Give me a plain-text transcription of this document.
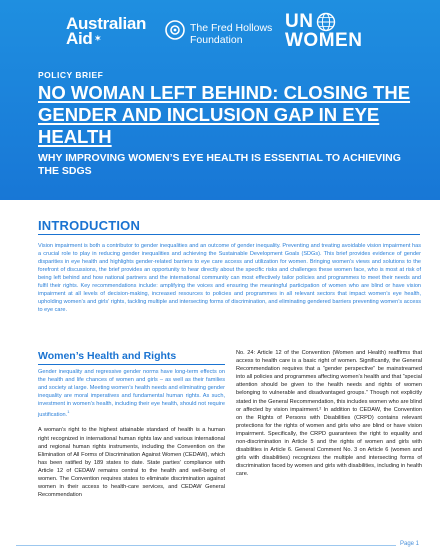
Australian
Aid ✶
The Fred Hollows
Foundation
UN
WOMEN
POLICY BRIEF
NO WOMAN LEFT BEHIND: CLOSING THE GENDER AND INCLUSION GAP IN EYE HEALTH
WHY IMPROVING WOMEN’S EYE HEALTH IS ESSENTIAL TO ACHIEVING THE SDGS
INTRODUCTION

Vision impairment is both a contributor to gender inequalities and an outcome of gender inequality. Preventing and treating avoidable vision impairment has a crucial role to play in reducing gender inequalities and achieving the Sustainable Development Goals (SDGs). This brief provides evidence of gender disparities in eye health and highlights gender-related barriers to eye care access and utilization for women. Bringing women’s views and solutions to the forefront of discussions, the brief provides an opportunity to hear directly about the specific risks and challenges these women face, who is most at risk of being left behind and how national partners and the international community can most effectively tailor policies and programmes to meet their needs and fulfil their rights. Key recommendations include: amplifying the voices and ensuring the meaningful participation of women who are blind or have vision impairment at all levels of decision-making, increased resources to policies and programmes in all relevant sectors that impact women’s eye health, upholding women’s and girls’ rights, tackling multiple and intersecting forms of discrimination, and eliminating gendered barriers preventing women’s access to eye care.

Women’s Health and Rights

Gender inequality and regressive gender norms have long-term effects on the health and life chances of women and girls – as well as their families and society at large. Meeting women’s health needs and eliminating gender inequality are moral imperatives and fundamental human rights. As such, investment in women’s health, including their eye health, should not require justification.$^1$

A woman’s right to the highest attainable standard of health is a human right recognized in international human rights law and various international and regional human rights instruments, including the Convention on the Elimination of All Forms of Discrimination Against Women (CEDAW), which has been ratified by 189 states to date. State parties’ compliance with Article 12 of CEDAW remains central to the health and well-being of women. The Convention requires states to eliminate discrimination against women in their access to health-care services, and CEDAW General Recommendation

No. 24: Article 12 of the Convention (Women and Health) reaffirms that access to health care is a basic right of women. Significantly, the General Recommendation requires that a “gender perspective” be mainstreamed into all policies and programmes affecting women’s health and that “special attention should be given to the health needs and rights of women belonging to vulnerable and disadvantaged groups.” Though not explicitly stated in the General Recommendation, this includes women who are blind or affected by vision impairment.² In addition to CEDAW, the Convention on the Rights of Persons with Disabilities (CRPD) contains relevant protections for the rights of women and girls who are blind or have vision impairment. Specifically, the CRPD guarantees the right to equality and non-discrimination in Article 5 and the rights of women and girls with disabilities in Article 6. General Comment No. 3 on Article 6 (women and girls with disabilities) recognizes the multiple and intersecting forms of discrimination faced by women and girls with disabilities, including in health care.

Page 1
